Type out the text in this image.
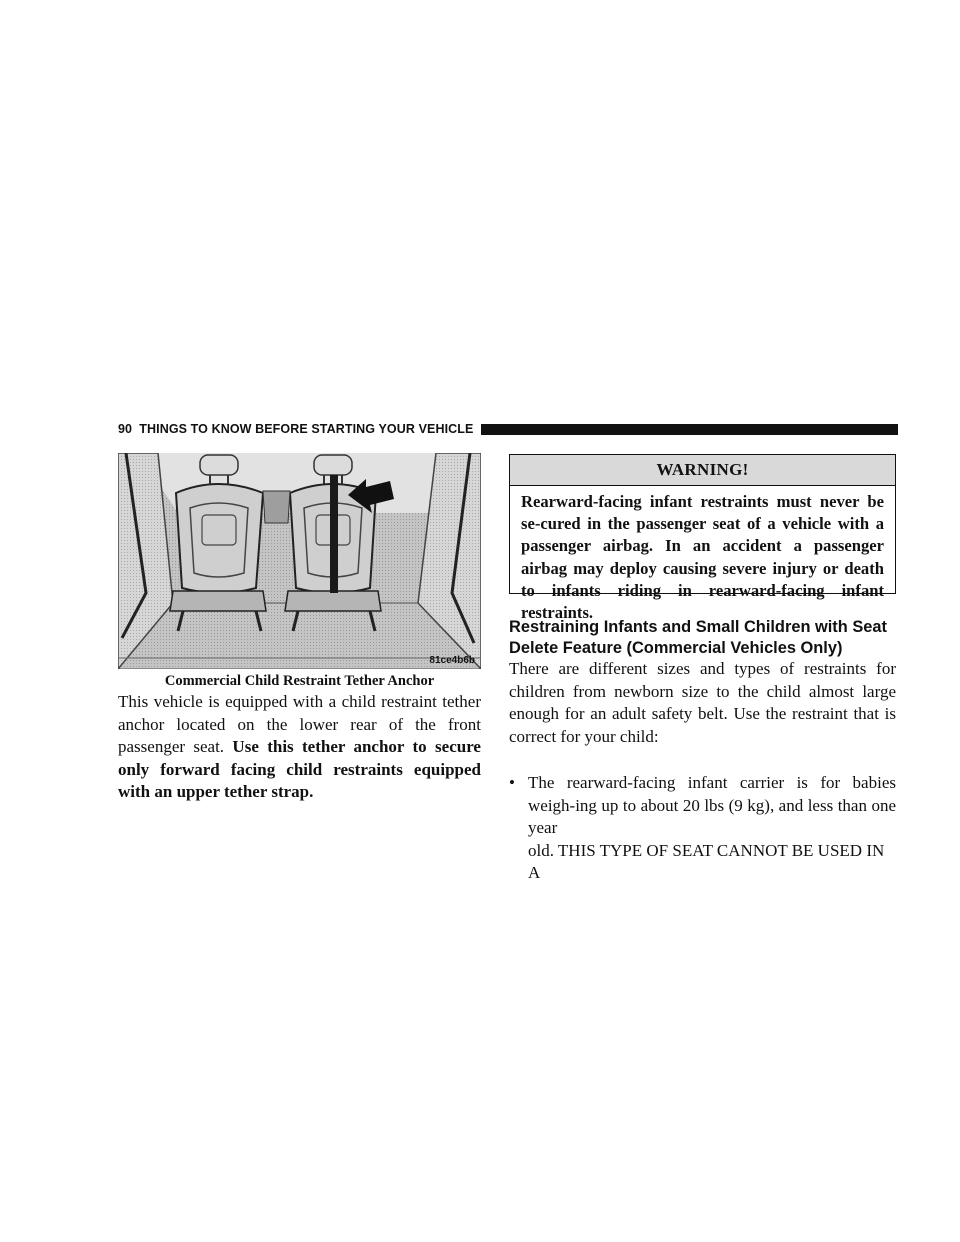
90 THINGS TO KNOW BEFORE STARTING YOUR VEHICLE
81ce4b6b
Commercial Child Restraint Tether Anchor
This vehicle is equipped with a child restraint tether anchor located on the lower rear of the front passenger seat. Use this tether anchor to secure only forward facing child restraints equipped with an upper tether strap.
WARNING!
Rearward-facing infant restraints must never be se-cured in the passenger seat of a vehicle with a passenger airbag. In an accident a passenger airbag may deploy causing severe injury or death to infants riding in rearward-facing infant restraints.
Restraining Infants and Small Children with Seat
Delete Feature (Commercial Vehicles Only)
There are different sizes and types of restraints for children from newborn size to the child almost large enough for an adult safety belt. Use the restraint that is correct for your child:
• The rearward-facing infant carrier is for babies weigh-ing up to about 20 lbs (9 kg), and less than one year
old. THIS TYPE OF SEAT CANNOT BE USED IN A
